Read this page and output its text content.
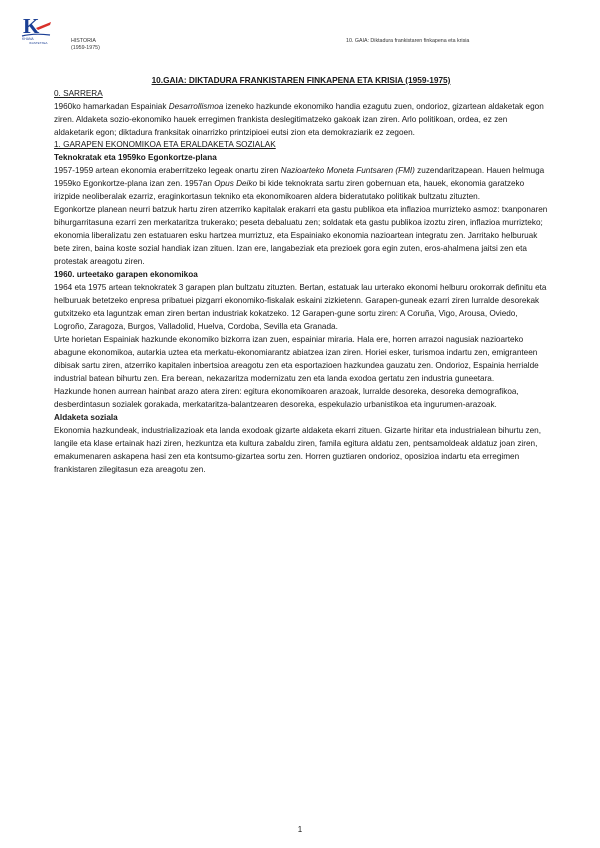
K
KHANA
IKASTETXEA	HISTORIA
(1959-1975)
10. GAIA: Diktadura frankistaren finkapena eta krisia

10.GAIA: DIKTADURA FRANKISTAREN FINKAPENA ETA KRISIA (1959-1975)

0. SARRERA

1960ko hamarkadan Espainiak Desarrollismoa izeneko hazkunde ekonomiko handia ezagutu zuen, ondorioz, gizartean aldaketak egon ziren. Aldaketa sozio-ekonomiko hauek erregimen frankista deslegitimatzeko gakoak izan ziren. Arlo politikoan, ordea, ez zen aldaketarik egon; diktadura franksitak oinarrizko printzipioei eutsi zion eta demokraziarik ez zegoen.

1. GARAPEN EKONOMIKOA ETA ERALDAKETA SOZIALAK

Teknokratak eta 1959ko Egonkortze-plana

1957-1959 artean ekonomia eraberritzeko legeak onartu ziren Nazioarteko Moneta Funtsaren (FMI) zuzendaritzapean. Hauen helmuga 1959ko Egonkortze-plana izan zen. 1957an Opus Deiko bi kide teknokrata sartu ziren gobernuan eta, hauek, ekonomia garatzeko irizpide neoliberalak ezarriz, eraginkortasun tekniko eta ekonomikoaren aldera bideratutako politikak bultzatu zituzten.

Egonkortze planean neurri batzuk hartu ziren atzerriko kapitalak erakarri eta gastu publikoa eta inflazioa murrizteko asmoz: txanponaren bihurgarritasuna ezarri zen merkataritza trukerako; peseta debaluatu zen; soldatak eta gastu publikoa izoztu ziren, inflazioa murrizteko; ekonomia liberalizatu zen estatuaren esku hartzea murriztuz, eta Espainiako ekonomia nazioartean integratu zen. Jarritako helburuak bete ziren, baina koste sozial handiak izan zituen. Izan ere, langabeziak eta prezioek gora egin zuten, eros-ahalmena jaitsi zen eta protestak areagotu ziren.

1960. urteetako garapen ekonomikoa

1964 eta 1975 artean teknokratek 3 garapen plan bultzatu zituzten. Bertan, estatuak lau urterako ekonomi helburu orokorrak definitu eta helburuak betetzeko enpresa pribatuei pizgarri ekonomiko-fiskalak eskaini zizkietenn. Garapen-guneak ezarri ziren lurralde desorekak gutxitzeko eta laguntzak eman ziren bertan industriak kokatzeko. 12 Garapen-gune sortu ziren: A Coruña, Vigo, Arousa, Oviedo, Logroño, Zaragoza, Burgos, Valladolid, Huelva, Cordoba, Sevilla eta Granada.

Urte horietan Espainiak hazkunde ekonomiko bizkorra izan zuen, espainiar miraria. Hala ere, horren arrazoi nagusiak nazioarteko abagune ekonomikoa, autarkia uztea eta merkatu-ekonomiarantz abiatzea izan ziren. Horiei esker, turismoa indartu zen, emigranteen dibisak sartu ziren, atzerriko kapitalen inbertsioa areagotu zen eta esportazioen hazkundea gauzatu zen. Ondorioz, Espainia herrialde industrial batean bihurtu zen. Era berean, nekazaritza modernizatu zen eta landa exodoa gertatu zen industria guneetara.

Hazkunde honen aurrean hainbat arazo atera ziren: egitura ekonomikoaren arazoak, lurralde desoreka, desoreka demografikoa, desberdintasun sozialek gorakada, merkataritza-balantzearen desoreka, espekulazio urbanistikoa eta ingurumen-arazoak.

Aldaketa soziala

Ekonomia hazkundeak, industrializazioak eta landa exodoak gizarte aldaketa ekarri zituen. Gizarte hiritar eta industrialean bihurtu zen, langile eta klase ertainak hazi ziren, hezkuntza eta kultura zabaldu ziren, famila egitura aldatu zen, pentsamoldeak aldatuz joan ziren, emakumenaren askapena hasi zen eta kontsumo-gizartea sortu zen. Horren guztiaren ondorioz, oposizioa indartu eta erregimen frankistaren zilegitasun eza areagotu zen.

1
